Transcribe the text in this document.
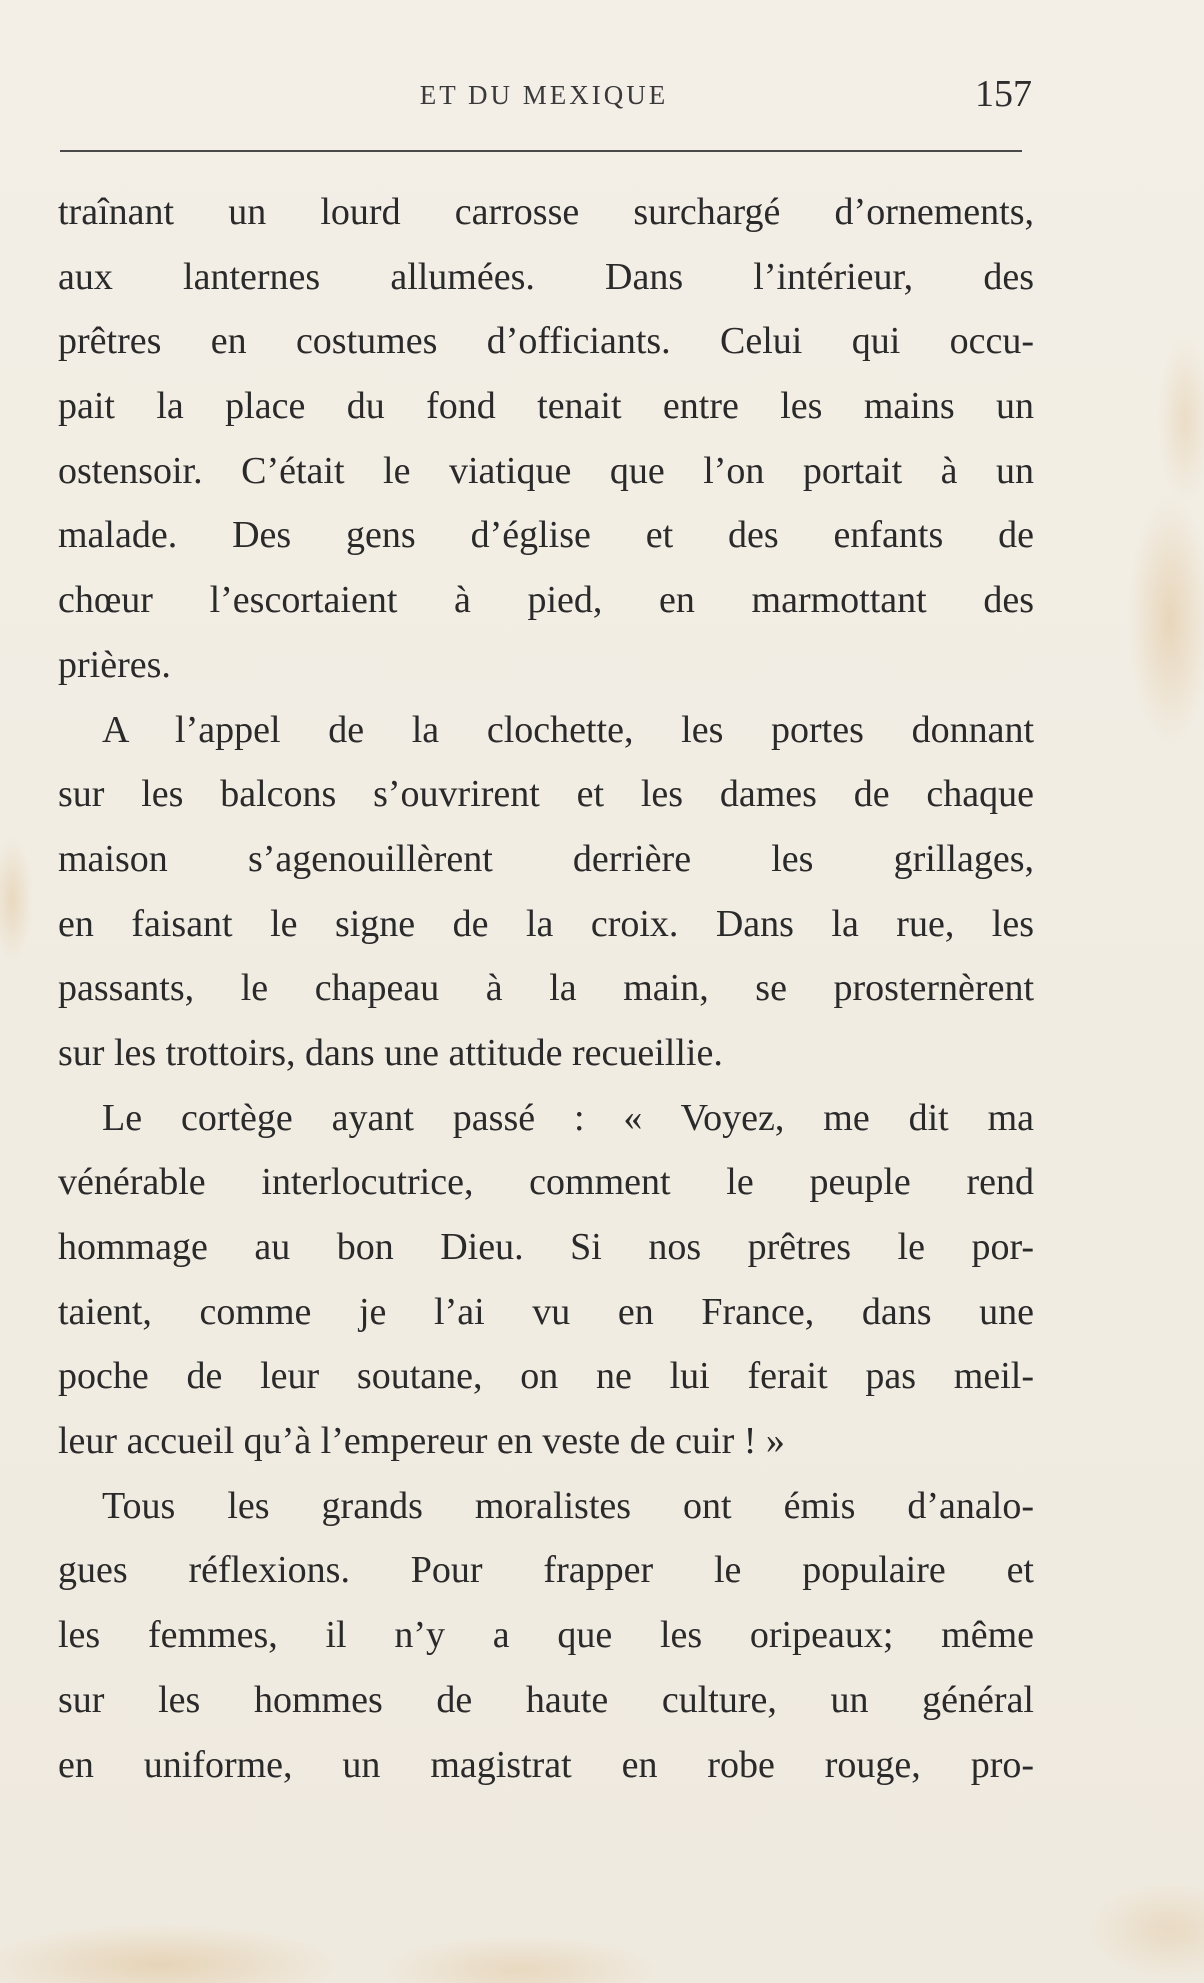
ET DU MEXIQUE	157
traînant un lourd carrosse surchargé d’ornements,
aux lanternes allumées. Dans l’intérieur, des
prêtres en costumes d’officiants. Celui qui occu-
pait la place du fond tenait entre les mains un
ostensoir. C’était le viatique que l’on portait à un
malade. Des gens d’église et des enfants de
chœur l’escortaient à pied, en marmottant des
prières.
A l’appel de la clochette, les portes donnant
sur les balcons s’ouvrirent et les dames de chaque
maison s’agenouillèrent derrière les grillages,
en faisant le signe de la croix. Dans la rue, les
passants, le chapeau à la main, se prosternèrent
sur les trottoirs, dans une attitude recueillie.
Le cortège ayant passé : « Voyez, me dit ma
vénérable interlocutrice, comment le peuple rend
hommage au bon Dieu. Si nos prêtres le por-
taient, comme je l’ai vu en France, dans une
poche de leur soutane, on ne lui ferait pas meil-
leur accueil qu’à l’empereur en veste de cuir ! »
Tous les grands moralistes ont émis d’analo-
gues réflexions. Pour frapper le populaire et
les femmes, il n’y a que les oripeaux; même
sur les hommes de haute culture, un général
en uniforme, un magistrat en robe rouge, pro-
